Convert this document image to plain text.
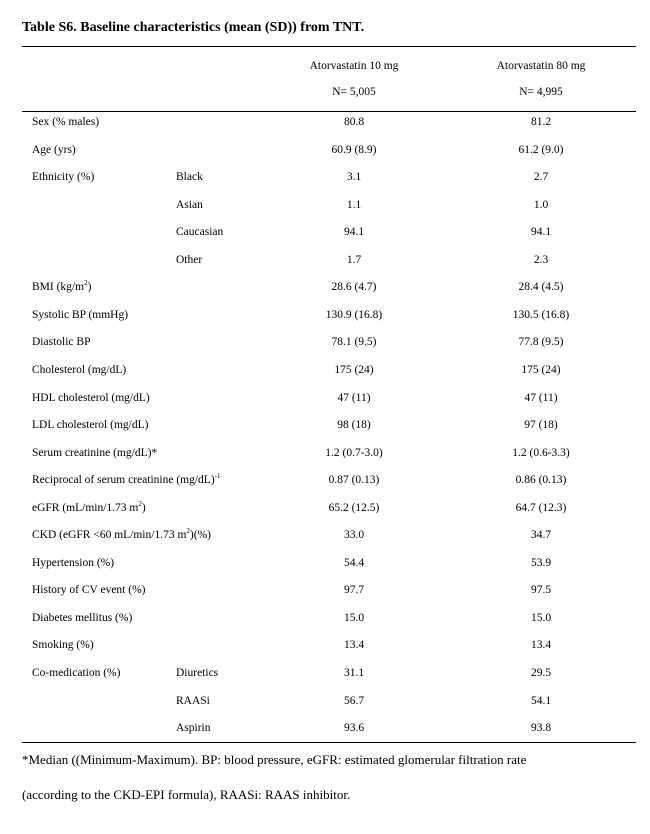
Table S6. Baseline characteristics (mean (SD)) from TNT.
Atorvastatin 10 mg	Atorvastatin 80 mg
N= 5,005	N= 4,995
Sex (% males)	80.8	81.2
Age (yrs)	60.9 (8.9)	61.2 (9.0)
Ethnicity (%)	Black	3.1	2.7
Asian	1.1	1.0
Caucasian	94.1	94.1
Other	1.7	2.3
BMI $(kg/m^2)$	28.6 (4.7)	28.4 (4.5)
Systolic BP (mmHg)	130.9 (16.8)	130.5 (16.8)
Diastolic BP	78.1 (9.5)	77.8 (9.5)
Cholesterol (mg/dL)	175 (24)	175 (24)
HDL cholesterol (mg/dL)	47 (11)	47 (11)
LDL cholesterol (mg/dL)	98 (18)	97 (18)
Serum creatinine (mg/dL)*	1.2 (0.7-3.0)	1.2 (0.6-3.3)
Reciprocal of serum creatinine $(mg/dL)^{-1}$	0.87 (0.13)	0.86 (0.13)
eGFR (mL/min/1.73 $m^2$)	65.2 (12.5)	64.7 (12.3)
CKD (eGFR <60 mL/min/1.73 $m^2)(\%)$	33.0	34.7
Hypertension (%)	54.4	53.9
History of CV event (%)	97.7	97.5
Diabetes mellitus (%)	15.0	15.0
Smoking (%)	13.4	13.4
Co-medication (%)	Diuretics	31.1	29.5
RAASi	56.7	54.1
Aspirin	93.6	93.8
*Median ((Minimum-Maximum). BP: blood pressure, eGFR: estimated glomerular filtration rate
(according to the CKD-EPI formula), RAASi: RAAS inhibitor.
